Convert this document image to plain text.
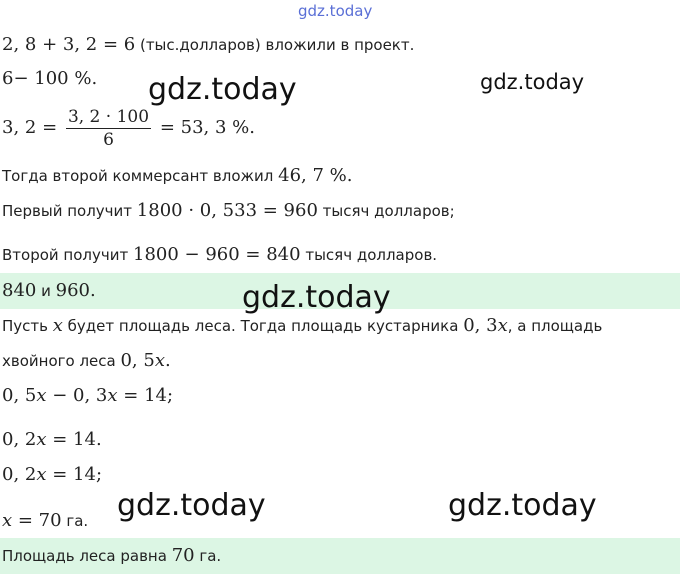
gdz.today
2, 8 + 3, 2 = 6 (тыс.долларов) вложили в проект.
6− 100 %.
3, $2 = \frac{3, 2 \cdot 100}{6} = 53$, 3 %.
Тогда второй коммерсант вложил 46, 7 %.
Первый получит 1800 · 0, 533 = 960 тысяч долларов;
Второй получит 1800 − 960 = 840 тысяч долларов.
840 и 960.
Пусть x будет площадь леса. Тогда площадь кустарника 0, 3x, а площадь
хвойного леса 0, 5x.
0, 5x − 0, 3x = 14;
0, 2x = 14.
0, 2x = 14;
x = 70 га.
Площадь леса равна 70 га.
gdz.today	gdz.today
gdz.today
gdz.today	gdz.today
